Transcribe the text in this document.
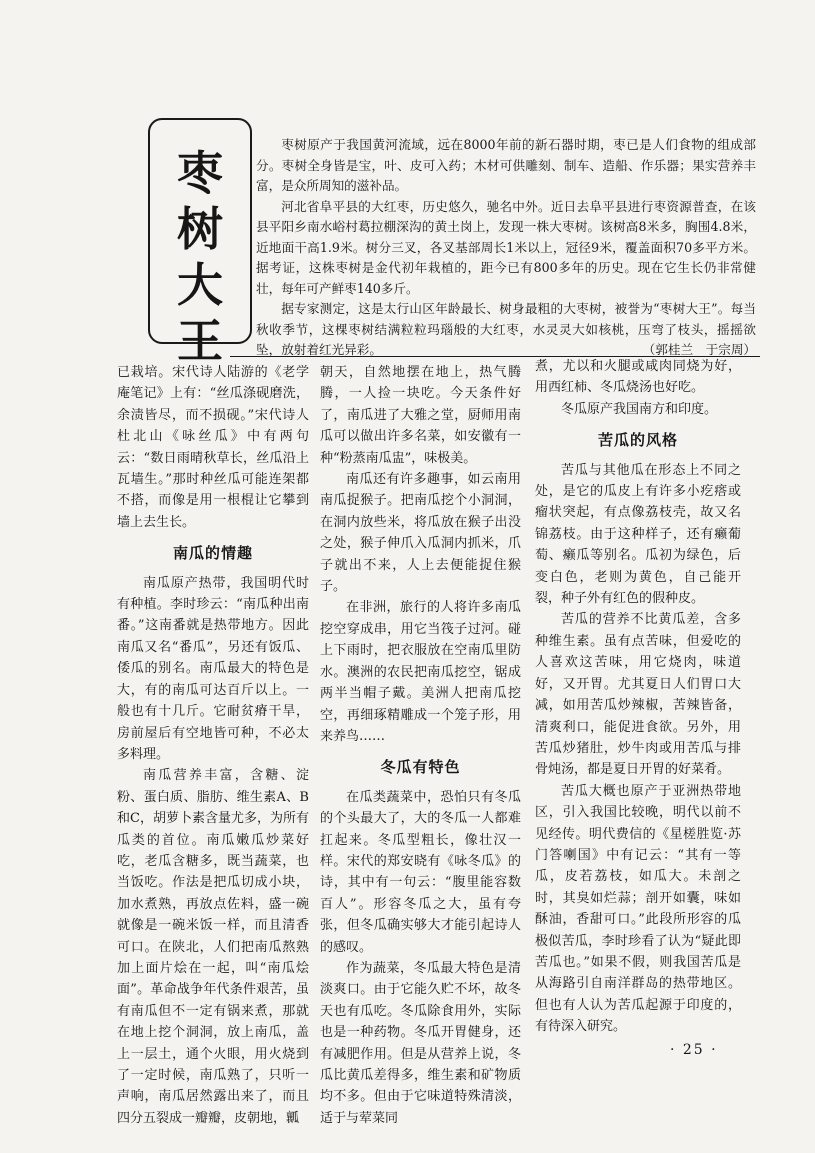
枣
树
大
王

枣树原产于我国黄河流域，远在8000年前的新石器时期，枣已是人们食物的组成部分。枣树全身皆是宝，叶、皮可入药；木材可供雕刻、制车、造船、作乐器；果实营养丰富，是众所周知的滋补品。

河北省阜平县的大红枣，历史悠久，驰名中外。近日去阜平县进行枣资源普查，在该县平阳乡南水峪村葛拉棚深沟的黄土岗上，发现一株大枣树。该树高8米多，胸围4.8米，近地面干高1.9米。树分三叉，各叉基部周长1米以上，冠径9米，覆盖面积70多平方米。据考证，这株枣树是金代初年栽植的，距今已有800多年的历史。现在它生长仍非常健壮，每年可产鲜枣140多斤。

据专家测定，这是太行山区年龄最长、树身最粗的大枣树，被誉为“枣树大王”。每当秋收季节，这棵枣树结满粒粒玛瑙般的大红枣，水灵灵大如核桃，压弯了枝头，摇摇欲坠，放射着红光异彩。	（郭桂兰　于宗周）

已栽培。宋代诗人陆游的《老学庵笔记》上有：“丝瓜涤砚磨洗，余渍皆尽，而不损砚。”宋代诗人杜北山《咏丝瓜》中有两句云：“数日雨晴秋草长，丝瓜沿上瓦墙生。”那时种丝瓜可能连架都不搭，而像是用一根棍让它攀到墙上去生长。

南瓜的情趣

南瓜原产热带，我国明代时有种植。李时珍云：“南瓜种出南番。”这南番就是热带地方。因此南瓜又名“番瓜”，另还有饭瓜、倭瓜的别名。南瓜最大的特色是大，有的南瓜可达百斤以上。一般也有十几斤。它耐贫瘠干旱，房前屋后有空地皆可种，不必太多料理。

南瓜营养丰富，含糖、淀粉、蛋白质、脂肪、维生素A、B和C，胡萝卜素含量尤多，为所有瓜类的首位。南瓜嫩瓜炒菜好吃，老瓜含糖多，既当蔬菜，也当饭吃。作法是把瓜切成小块，加水煮熟，再放点佐料，盛一碗就像是一碗米饭一样，而且清香可口。在陕北，人们把南瓜熬熟加上面片烩在一起，叫“南瓜烩面”。革命战争年代条件艰苦，虽有南瓜但不一定有锅来煮，那就在地上挖个洞洞，放上南瓜，盖上一层土，通个火眼，用火烧到了一定时候，南瓜熟了，只听一声响，南瓜居然露出来了，而且四分五裂成一瓣瓣，皮朝地，瓤

朝天，自然地摆在地上，热气腾腾，一人捡一块吃。今天条件好了，南瓜进了大雅之堂，厨师用南瓜可以做出许多名菜，如安徽有一种“粉蒸南瓜盅”，味极美。

南瓜还有许多趣事，如云南用南瓜捉猴子。把南瓜挖个小洞洞，在洞内放些米，将瓜放在猴子出没之处，猴子伸爪入瓜洞内抓米，爪子就出不来，人上去便能捉住猴子。

在非洲，旅行的人将许多南瓜挖空穿成串，用它当筏子过河。碰上下雨时，把衣服放在空南瓜里防水。澳洲的农民把南瓜挖空，锯成两半当帽子戴。美洲人把南瓜挖空，再细琢精雕成一个笼子形，用来养鸟……

冬瓜有特色

在瓜类蔬菜中，恐怕只有冬瓜的个头最大了，大的冬瓜一人都难扛起来。冬瓜型粗长，像壮汉一样。宋代的郑安晓有《咏冬瓜》的诗，其中有一句云：“腹里能容数百人”。形容冬瓜之大，虽有夸张，但冬瓜确实够大才能引起诗人的感叹。

作为蔬菜，冬瓜最大特色是清淡爽口。由于它能久贮不坏，故冬天也有瓜吃。冬瓜除食用外，实际也是一种药物。冬瓜开胃健身，还有减肥作用。但是从营养上说，冬瓜比黄瓜差得多，维生素和矿物质均不多。但由于它味道特殊清淡，适于与荤菜同

煮，尤以和火腿或咸肉同烧为好，用西红柿、冬瓜烧汤也好吃。

冬瓜原产我国南方和印度。

苦瓜的风格

苦瓜与其他瓜在形态上不同之处，是它的瓜皮上有许多小疙瘩或瘤状突起，有点像荔枝壳，故又名锦荔枝。由于这种样子，还有癞葡萄、癞瓜等别名。瓜初为绿色，后变白色，老则为黄色，自己能开裂，种子外有红色的假种皮。

苦瓜的营养不比黄瓜差，含多种维生素。虽有点苦味，但爱吃的人喜欢这苦味，用它烧肉，味道好，又开胃。尤其夏日人们胃口大减，如用苦瓜炒辣椒，苦辣皆备，清爽利口，能促进食欲。另外，用苦瓜炒猪肚，炒牛肉或用苦瓜与排骨炖汤，都是夏日开胃的好菜肴。

苦瓜大概也原产于亚洲热带地区，引入我国比较晚，明代以前不见经传。明代费信的《星槎胜览·苏门答喇国》中有记云：“其有一等瓜，皮若荔枝，如瓜大。未剖之时，其臭如烂蒜；剖开如囊，味如酥油，香甜可口。”此段所形容的瓜极似苦瓜，李时珍看了认为“疑此即苦瓜也。”如果不假，则我国苦瓜是从海路引自南洋群岛的热带地区。但也有人认为苦瓜起源于印度的，有待深入研究。

· 25 ·
